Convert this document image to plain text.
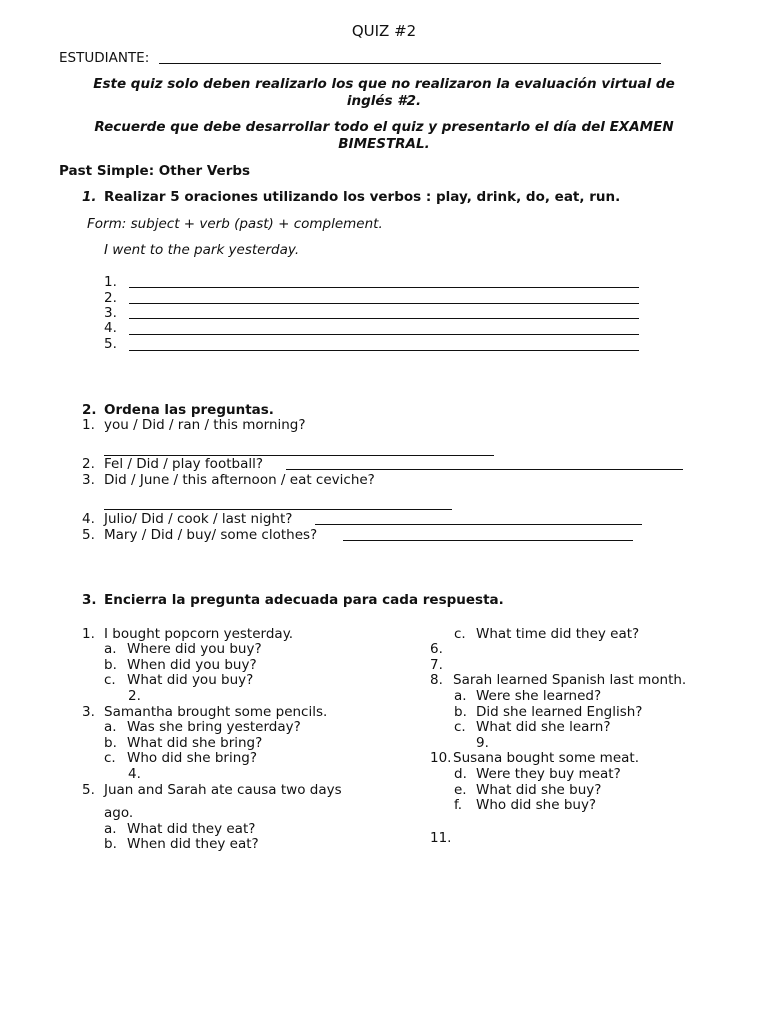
QUIZ #2
ESTUDIANTE:
Este quiz solo deben realizarlo los que no realizaron la evaluación virtual de
inglés #2.
Recuerde que debe desarrollar todo el quiz y presentarlo el día del EXAMEN
BIMESTRAL.
Past Simple: Other Verbs
1. Realizar 5 oraciones utilizando los verbos : play, drink, do, eat, run.
Form: subject + verb (past) + complement.
I went to the park yesterday.
1.
2.
3.
4.
5.
2. Ordena las preguntas.
1. you / Did / ran / this morning?
2. Fel / Did / play football?
3. Did / June / this afternoon / eat ceviche?
4. Julio/ Did / cook / last night?
5. Mary / Did / buy/ some clothes?
3. Encierra la pregunta adecuada para cada respuesta.
1. I bought popcorn yesterday.
a. Where did you buy?
b. When did you buy?
c. What did you buy?
2.
3. Samantha brought some pencils.
a. Was she bring yesterday?
b. What did she bring?
c. Who did she bring?
4.
5. Juan and Sarah ate causa two days
ago.
a. What did they eat?
b. When did they eat?
c. What time did they eat?
6.
7.
8. Sarah learned Spanish last month.
a. Were she learned?
b. Did she learned English?
c. What did she learn?
9.
10. Susana bought some meat.
d. Were they buy meat?
e. What did she buy?
f. Who did she buy?
11.
